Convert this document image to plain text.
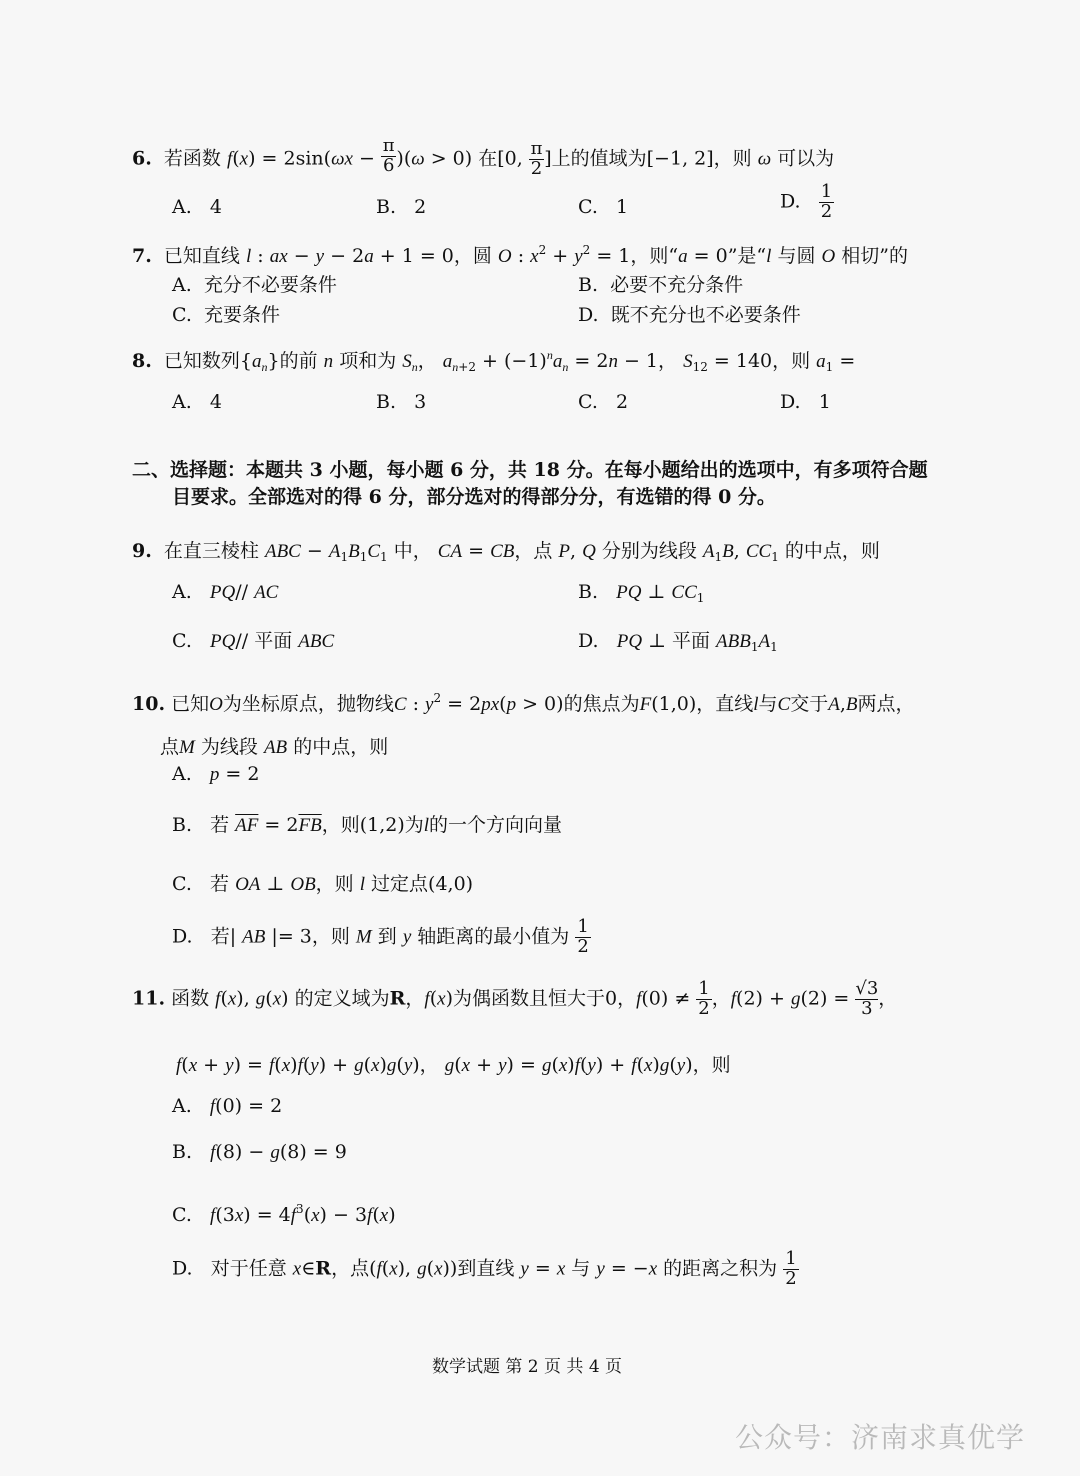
6.  若函数 $f(x) = 2\sin(\omega x - \frac{\pi}{6} )(\omega > 0)$ 在[0, $\frac{\pi}{2}$ ]上的值域为[−1, 2]，则 ω 可以为
A.   4	B.   2	C.   1	D. $\frac{1}{2}$
7.  已知直线 l : ax − y − 2a + 1 = 0，圆 O : $x^2 + y^2 = 1$，则“a = 0”是“l 与圆 O 相切”的
A. 充分不必要条件	B. 必要不充分条件
C. 充要条件	D. 既不充分也不必要条件
8.  已知数列$\{a_n\}$的前 n 项和为 $S_n$， $a_{n+2} + (-1)^na_n = 2n - 1$， $S_{12} = 140$，则 $a_1$ =
A. 4	B. 3	C. 2	D. 1
二、选择题：本题共 3 小题，每小题 6 分，共 18 分。在每小题给出的选项中，有多项符合题
目要求。全部选对的得 6 分，部分选对的得部分分，有选错的得 0 分。
9.  在直三棱柱 ABC − $A_1B_1C_1$ 中， CA = CB，点 P, Q 分别为线段 $A_1B$, $CC_1$ 的中点，则
A.   PQ// AC	B.   PQ ⊥ $CC_1$
C.   PQ// 平面 ABC	D.   PQ ⊥ 平面 $ABB_1A_1$
10. 已知O为坐标原点，抛物线C : $y^2 = 2px(p > 0)$的焦点为F(1,0)，直线l与C交于A,B两点，
点M 为线段 AB 的中点，则
A.   p = 2
B.   若 $\overline{AF} = 2\overline{FB}$，则(1,2)为l的一个方向向量
C.   若 OA ⊥ OB，则 l 过定点(4,0)
D.   若| AB |= 3，则 M 到 y 轴距离的最小值为 $\frac{1}{2}$
11. 函数 f(x), g(x) 的定义域为R，f(x)为偶函数且恒大于0，$f(0) \ne \frac{1}{2}$ ，$f(2) + g(2) = \frac{√3}{3}$ ，
f(x + y) = f(x)f(y) + g(x)g(y)， g(x + y) = g(x)f(y) + f(x)g(y)，则
A.   f(0) = 2
B.   f(8) − g(8) = 9
C.   $f(3x) = 4f^3(x) - 3f(x)$
D.   对于任意 x∈R，点(f(x), g(x))到直线 y = x 与 y = −x 的距离之积为 $\frac{1}{2}$
数学试题 第 2 页 共 4 页
公众号：济南求真优学
